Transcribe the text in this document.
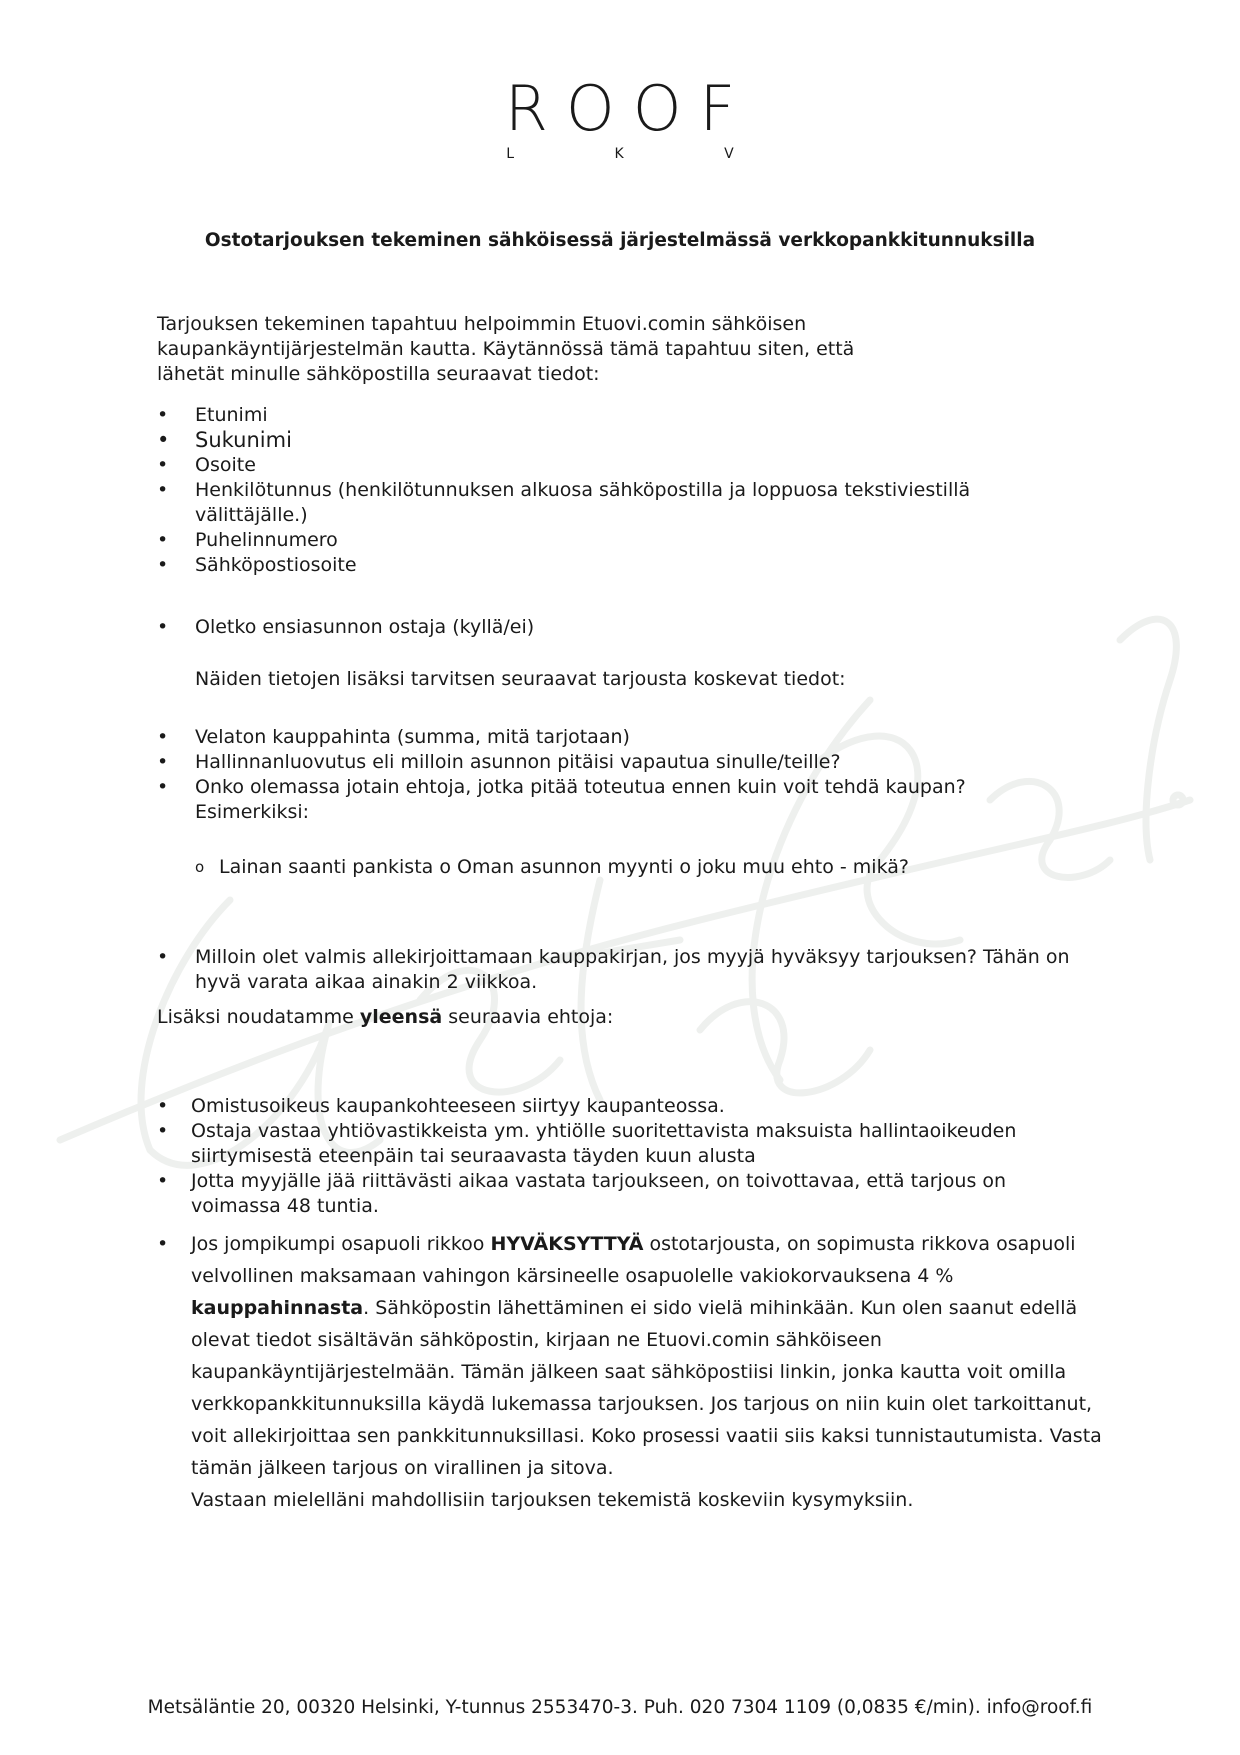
ROOF
L K V
Ostotarjouksen tekeminen sähköisessä järjestelmässä verkkopankkitunnuksilla

Tarjouksen tekeminen tapahtuu helpoimmin Etuovi.comin sähköisen kaupankäyntijärjestelmän kautta. Käytännössä tämä tapahtuu siten, että lähetät minulle sähköpostilla seuraavat tiedot:

• Etunimi
• Sukunimi
• Osoite
• Henkilötunnus (henkilötunnuksen alkuosa sähköpostilla ja loppuosa tekstiviestillä välittäjälle.)
• Puhelinnumero
• Sähköpostiosoite
• Oletko ensiasunnon ostaja (kyllä/ei)

Näiden tietojen lisäksi tarvitsen seuraavat tarjousta koskevat tiedot:

• Velaton kauppahinta (summa, mitä tarjotaan)
• Hallinnanluovutus eli milloin asunnon pitäisi vapautua sinulle/teille?
• Onko olemassa jotain ehtoja, jotka pitää toteutua ennen kuin voit tehdä kaupan? Esimerkiksi:
o Lainan saanti pankista o Oman asunnon myynti o joku muu ehto - mikä?
• Milloin olet valmis allekirjoittamaan kauppakirjan, jos myyjä hyväksyy tarjouksen? Tähän on hyvä varata aikaa ainakin 2 viikkoa.

Lisäksi noudatamme yleensä seuraavia ehtoja:

• Omistusoikeus kaupankohteeseen siirtyy kaupanteossa.
• Ostaja vastaa yhtiövastikkeista ym. yhtiölle suoritettavista maksuista hallintaoikeuden siirtymisestä eteenpäin tai seuraavasta täyden kuun alusta
• Jotta myyjälle jää riittävästi aikaa vastata tarjoukseen, on toivottavaa, että tarjous on voimassa 48 tuntia.
• Jos jompikumpi osapuoli rikkoo HYVÄKSYTTYÄ ostotarjousta, on sopimusta rikkova osapuoli velvollinen maksamaan vahingon kärsineelle osapuolelle vakiokorvauksena 4 % kauppahinnasta. Sähköpostin lähettäminen ei sido vielä mihinkään. Kun olen saanut edellä olevat tiedot sisältävän sähköpostin, kirjaan ne Etuovi.comin sähköiseen kaupankäyntijärjestelmään. Tämän jälkeen saat sähköpostiisi linkin, jonka kautta voit omilla verkkopankkitunnuksilla käydä lukemassa tarjouksen. Jos tarjous on niin kuin olet tarkoittanut, voit allekirjoittaa sen pankkitunnuksillasi. Koko prosessi vaatii siis kaksi tunnistautumista. Vasta tämän jälkeen tarjous on virallinen ja sitova.
Vastaan mielelläni mahdollisiin tarjouksen tekemistä koskeviin kysymyksiin.
Metsäläntie 20, 00320 Helsinki, Y-tunnus 2553470-3. Puh. 020 7304 1109 (0,0835 €/min). info@roof.fi
